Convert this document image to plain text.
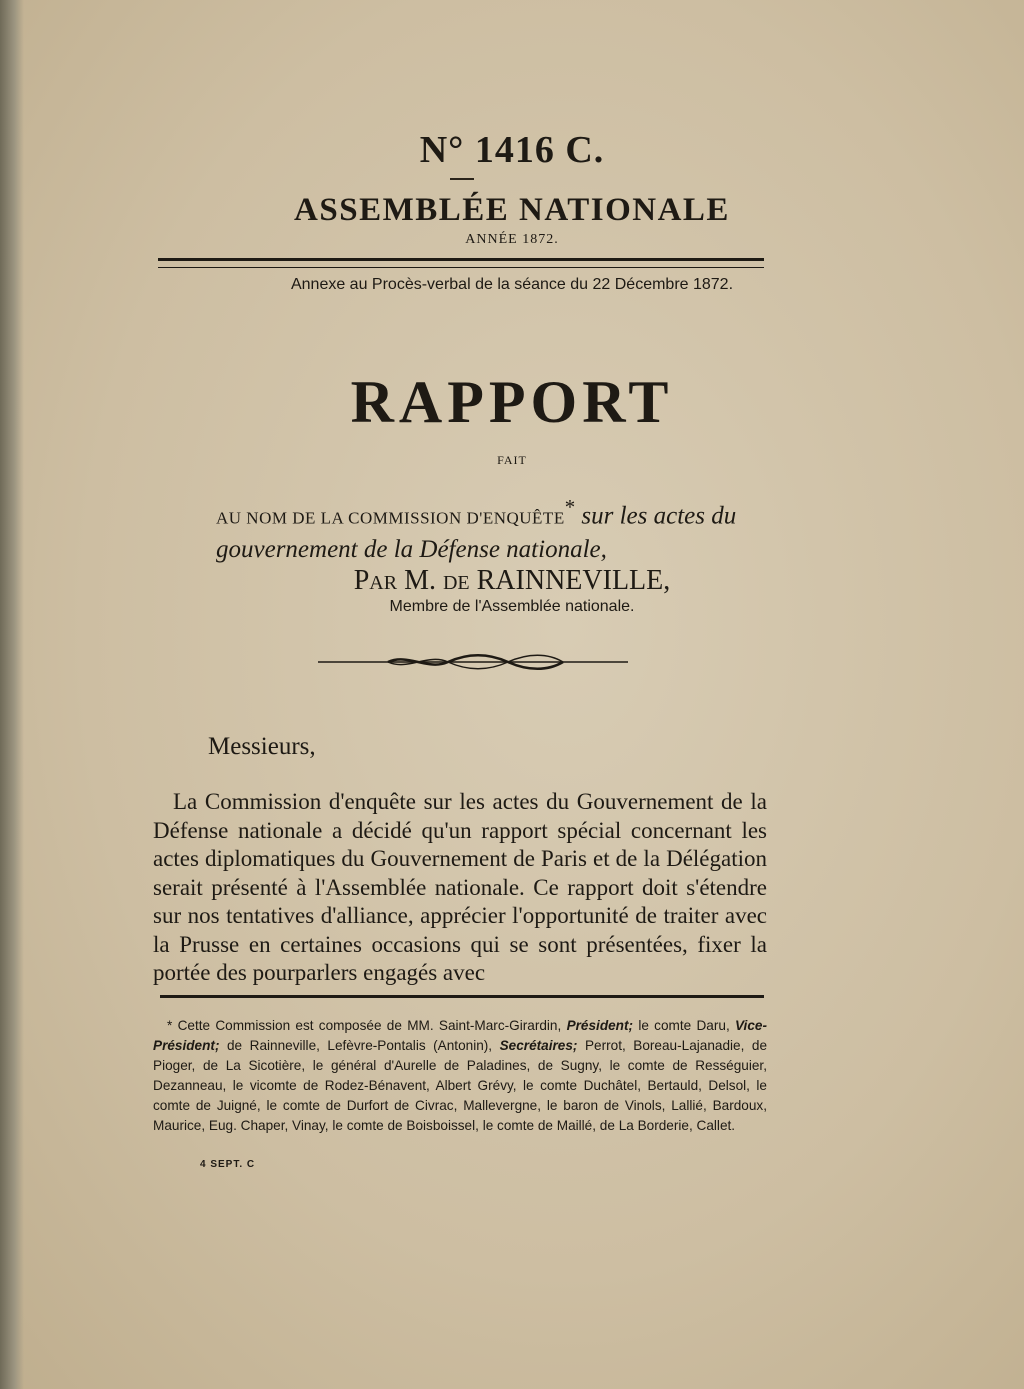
N° 1416 C.
ASSEMBLÉE NATIONALE
ANNÉE 1872.
Annexe au Procès-verbal de la séance du 22 Décembre 1872.
RAPPORT
FAIT
AU NOM DE LA COMMISSION D'ENQUÊTE* sur les actes du gouvernement de la Défense nationale,
Par M. de RAINNEVILLE,
Membre de l'Assemblée nationale.
Messieurs,
La Commission d'enquête sur les actes du Gouvernement de la Défense nationale a décidé qu'un rapport spécial concernant les actes diplomatiques du Gouvernement de Paris et de la Délégation serait présenté à l'Assemblée nationale. Ce rapport doit s'étendre sur nos tentatives d'alliance, apprécier l'opportunité de traiter avec la Prusse en certaines occasions qui se sont présentées, fixer la portée des pourparlers engagés avec
* Cette Commission est composée de MM. Saint-Marc-Girardin, Président; le comte Daru, Vice-Président; de Rainneville, Lefèvre-Pontalis (Antonin), Secrétaires; Perrot, Boreau-Lajanadie, de Pioger, de La Sicotière, le général d'Aurelle de Paladines, de Sugny, le comte de Rességuier, Dezanneau, le vicomte de Rodez-Bénavent, Albert Grévy, le comte Duchâtel, Bertauld, Delsol, le comte de Juigné, le comte de Durfort de Civrac, Mallevergne, le baron de Vinols, Lallié, Bardoux, Maurice, Eug. Chaper, Vinay, le comte de Boisboissel, le comte de Maillé, de La Borderie, Callet.
4 SEPT. C
